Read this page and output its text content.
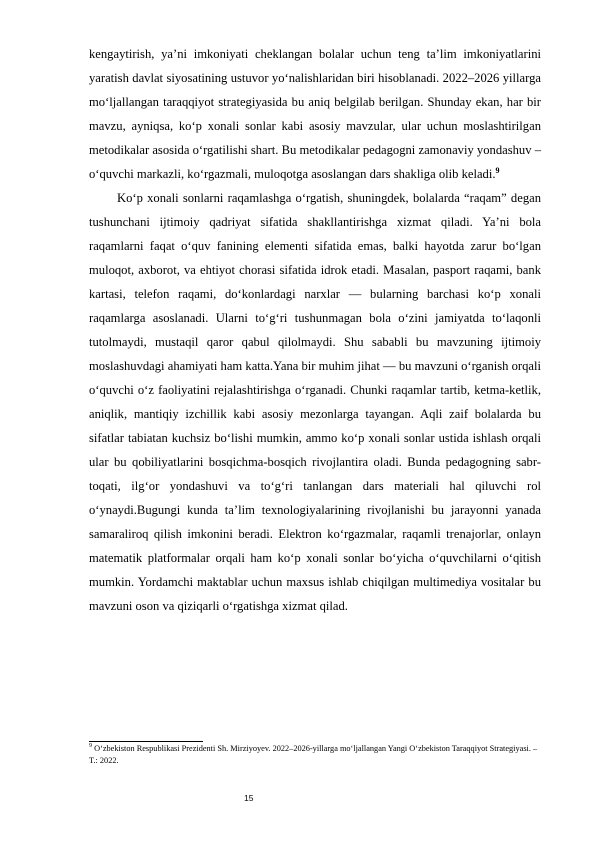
kengaytirish, ya’ni imkoniyati cheklangan bolalar uchun teng ta’lim imkoniyatlarini yaratish davlat siyosatining ustuvor yo‘nalishlaridan biri hisoblanadi. 2022–2026 yillarga mo‘ljallangan taraqqiyot strategiyasida bu aniq belgilab berilgan. Shunday ekan, har bir mavzu, ayniqsa, ko‘p xonali sonlar kabi asosiy mavzular, ular uchun moslashtirilgan metodikalar asosida o‘rgatilishi shart. Bu metodikalar pedagogni zamonaviy yondashuv – o‘quvchi markazli, ko‘rgazmali, muloqotga asoslangan dars shakliga olib keladi.$^9$

Ko‘p xonali sonlarni raqamlashga o‘rgatish, shuningdek, bolalarda “raqam” degan tushunchani ijtimoiy qadriyat sifatida shakllantirishga xizmat qiladi. Ya’ni bola raqamlarni faqat o‘quv fanining elementi sifatida emas, balki hayotda zarur bo‘lgan muloqot, axborot, va ehtiyot chorasi sifatida idrok etadi. Masalan, pasport raqami, bank kartasi, telefon raqami, do‘konlardagi narxlar — bularning barchasi ko‘p xonali raqamlarga asoslanadi. Ularni to‘g‘ri tushunmagan bola o‘zini jamiyatda to‘laqonli tutolmaydi, mustaqil qaror qabul qilolmaydi. Shu sababli bu mavzuning ijtimoiy moslashuvdagi ahamiyati ham katta.Yana bir muhim jihat — bu mavzuni o‘rganish orqali o‘quvchi o‘z faoliyatini rejalashtirishga o‘rganadi. Chunki raqamlar tartib, ketma-ketlik, aniqlik, mantiqiy izchillik kabi asosiy mezonlarga tayangan. Aqli zaif bolalarda bu sifatlar tabiatan kuchsiz bo‘lishi mumkin, ammo ko‘p xonali sonlar ustida ishlash orqali ular bu qobiliyatlarini bosqichma-bosqich rivojlantira oladi. Bunda pedagogning sabr-toqati, ilg‘or yondashuvi va to‘g‘ri tanlangan dars materiali hal qiluvchi rol o‘ynaydi.Bugungi kunda ta’lim texnologiyalarining rivojlanishi bu jarayonni yanada samaraliroq qilish imkonini beradi. Elektron ko‘rgazmalar, raqamli trenajorlar, onlayn matematik platformalar orqali ham ko‘p xonali sonlar bo‘yicha o‘quvchilarni o‘qitish mumkin. Yordamchi maktablar uchun maxsus ishlab chiqilgan multimediya vositalar bu mavzuni oson va qiziqarli o‘rgatishga xizmat qilad.

$^9$ O‘zbekiston Respublikasi Prezidenti Sh. Mirziyoyev. 2022–2026-yillarga mo‘ljallangan Yangi O‘zbekiston Taraqqiyot Strategiyasi. – T.: 2022.
15
